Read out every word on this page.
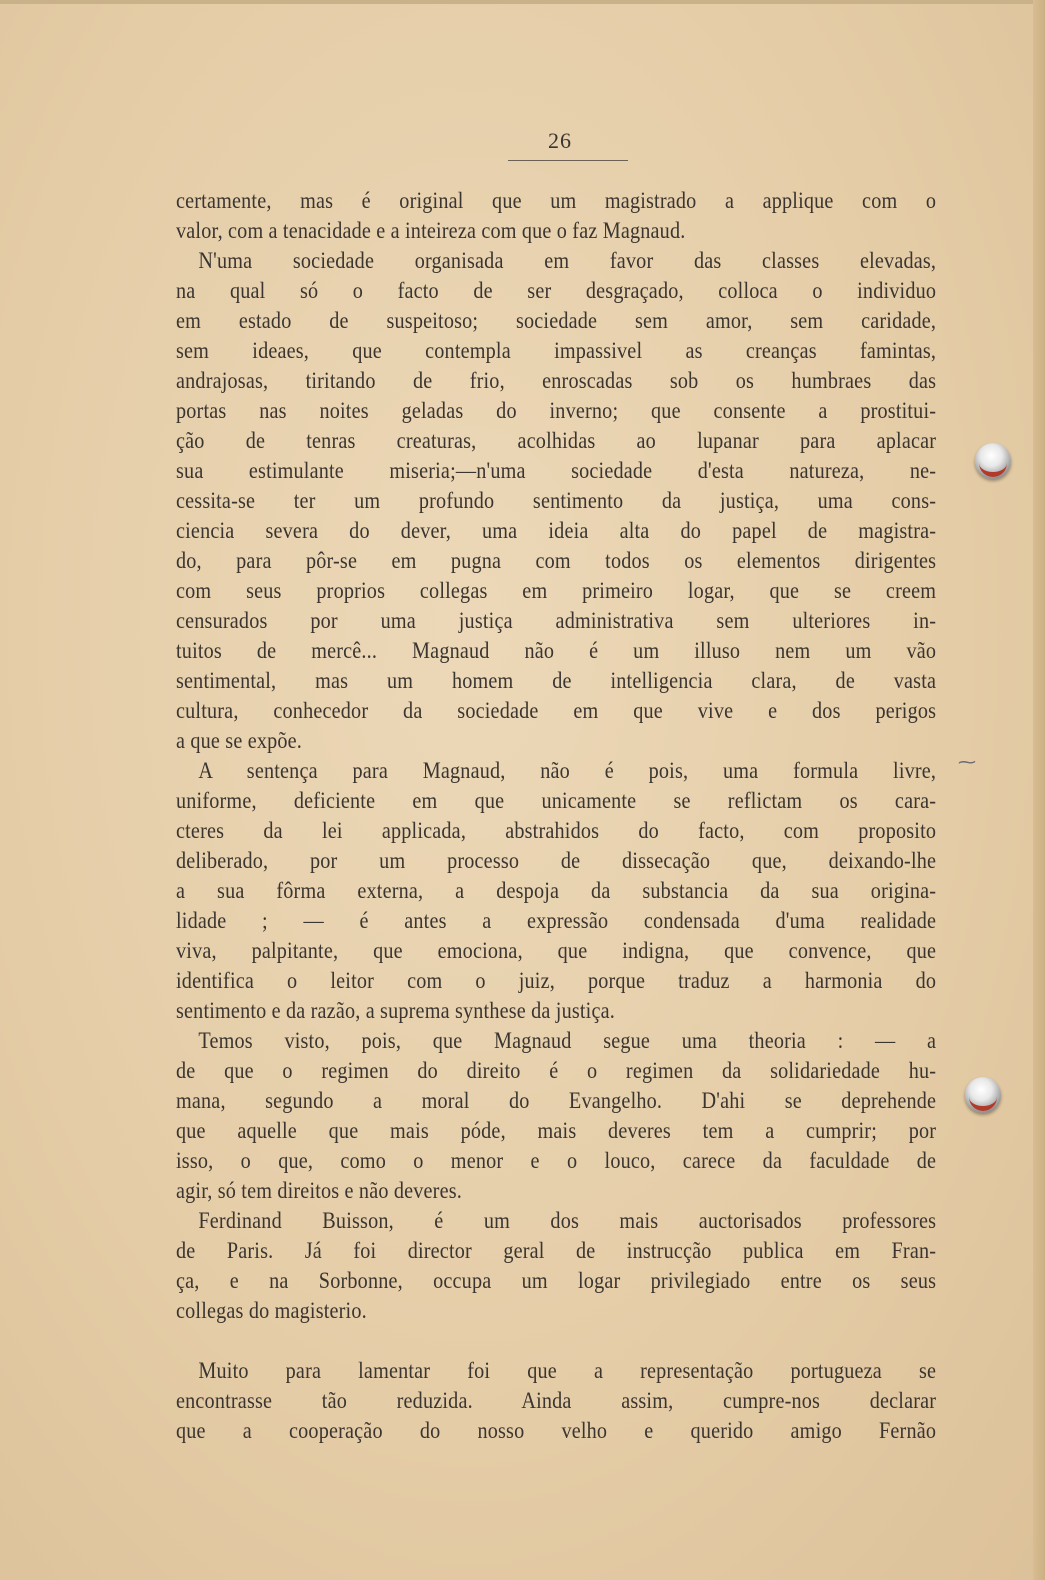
26
certamente, mas é original que um magistrado a applique com o
valor, com a tenacidade e a inteireza com que o faz Magnaud.
N'uma sociedade organisada em favor das classes elevadas,
na qual só o facto de ser desgraçado, colloca o individuo
em estado de suspeitoso; sociedade sem amor, sem caridade,
sem ideaes, que contempla impassivel as creanças famintas,
andrajosas, tiritando de frio, enroscadas sob os humbraes das
portas nas noites geladas do inverno; que consente a prostitui-
ção de tenras creaturas, acolhidas ao lupanar para aplacar
sua estimulante miseria;—n'uma sociedade d'esta natureza, ne-
cessita-se ter um profundo sentimento da justiça, uma cons-
ciencia severa do dever, uma ideia alta do papel de magistra-
do, para pôr-se em pugna com todos os elementos dirigentes
com seus proprios collegas em primeiro logar, que se creem
censurados por uma justiça administrativa sem ulteriores in-
tuitos de mercê... Magnaud não é um illuso nem um vão
sentimental, mas um homem de intelligencia clara, de vasta
cultura, conhecedor da sociedade em que vive e dos perigos
a que se expõe.
A sentença para Magnaud, não é pois, uma formula livre,
uniforme, deficiente em que unicamente se reflictam os cara-
cteres da lei applicada, abstrahidos do facto, com proposito
deliberado, por um processo de dissecação que, deixando-lhe
a sua fôrma externa, a despoja da substancia da sua origina-
lidade ; — é antes a expressão condensada d'uma realidade
viva, palpitante, que emociona, que indigna, que convence, que
identifica o leitor com o juiz, porque traduz a harmonia do
sentimento e da razão, a suprema synthese da justiça.
Temos visto, pois, que Magnaud segue uma theoria : — a
de que o regimen do direito é o regimen da solidariedade hu-
mana, segundo a moral do Evangelho. D'ahi se deprehende
que aquelle que mais póde, mais deveres tem a cumprir; por
isso, o que, como o menor e o louco, carece da faculdade de
agir, só tem direitos e não deveres.
Ferdinand Buisson, é um dos mais auctorisados professores
de Paris. Já foi director geral de instrucção publica em Fran-
ça, e na Sorbonne, occupa um logar privilegiado entre os seus
collegas do magisterio.
Muito para lamentar foi que a representação portugueza se
encontrasse tão reduzida. Ainda assim, cumpre-nos declarar
que a cooperação do nosso velho e querido amigo Fernão
⁓
